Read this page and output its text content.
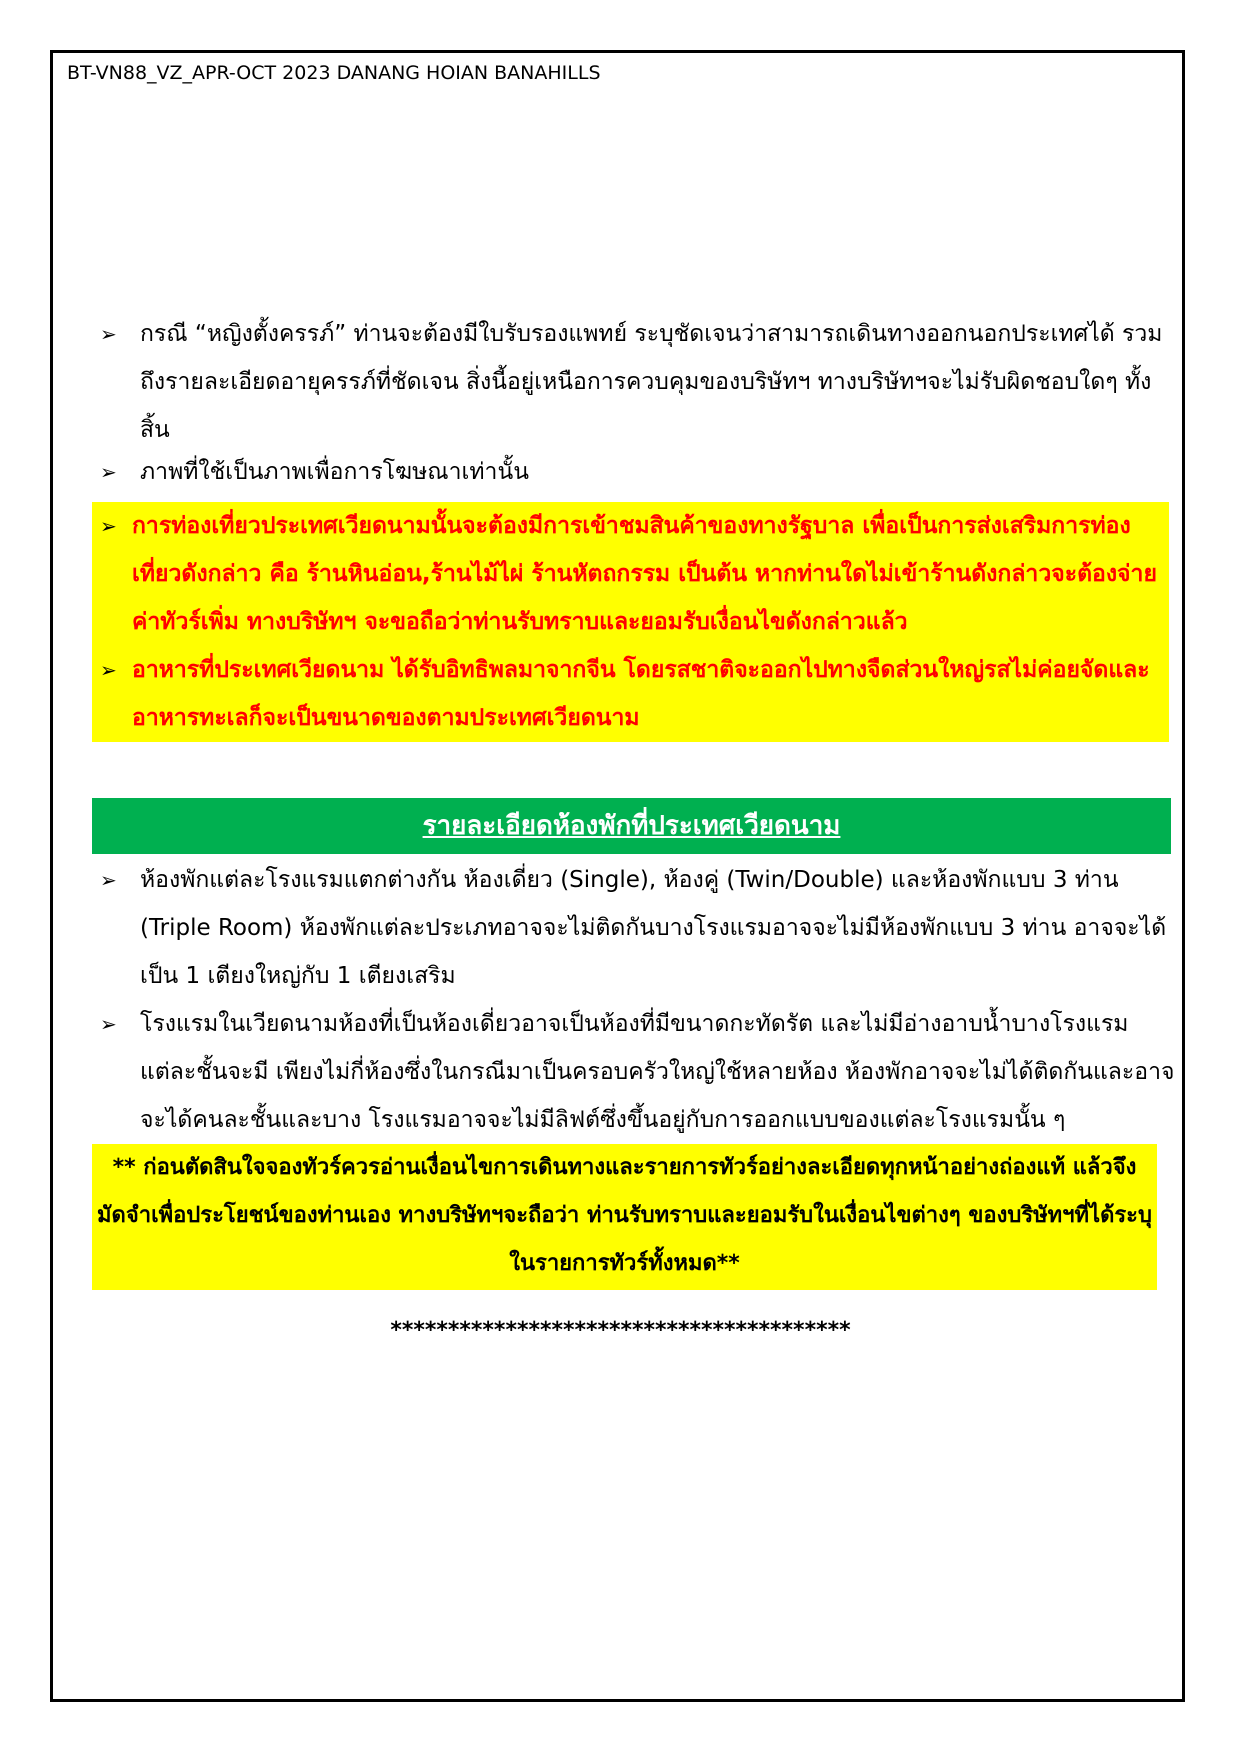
BT-VN88_VZ_APR-OCT 2023 DANANG HOIAN BANAHILLS
➢	กรณี “หญิงตั้งครรภ์” ท่านจะต้องมีใบรับรองแพทย์ ระบุชัดเจนว่าสามารถเดินทางออกนอกประเทศได้ รวมถึงรายละเอียดอายุครรภ์ที่ชัดเจน สิ่งนี้อยู่เหนือการควบคุมของบริษัทฯ ทางบริษัทฯจะไม่รับผิดชอบใดๆ ทั้งสิ้น
➢	ภาพที่ใช้เป็นภาพเพื่อการโฆษณาเท่านั้น
➢ การท่องเที่ยวประเทศเวียดนามนั้นจะต้องมีการเข้าชมสินค้าของทางรัฐบาล เพื่อเป็นการส่งเสริมการท่องเที่ยวดังกล่าว คือ ร้านหินอ่อน,ร้านไม้ไผ่ ร้านหัตถกรรม เป็นต้น หากท่านใดไม่เข้าร้านดังกล่าวจะต้องจ่ายค่าทัวร์เพิ่ม ทางบริษัทฯ จะขอถือว่าท่านรับทราบและยอมรับเงื่อนไขดังกล่าวแล้ว
➢ อาหารที่ประเทศเวียดนาม ได้รับอิทธิพลมาจากจีน โดยรสชาติจะออกไปทางจืดส่วนใหญ่รสไม่ค่อยจัดและอาหารทะเลก็จะเป็นขนาดของตามประเทศเวียดนาม
รายละเอียดห้องพักที่ประเทศเวียดนาม
➢	ห้องพักแต่ละโรงแรมแตกต่างกัน ห้องเดี่ยว (Single), ห้องคู่ (Twin/Double) และห้องพักแบบ 3 ท่าน (Triple Room) ห้องพักแต่ละประเภทอาจจะไม่ติดกันบางโรงแรมอาจจะไม่มีห้องพักแบบ 3 ท่าน อาจจะได้เป็น 1 เตียงใหญ่กับ 1 เตียงเสริม
➢	โรงแรมในเวียดนามห้องที่เป็นห้องเดี่ยวอาจเป็นห้องที่มีขนาดกะทัดรัต และไม่มีอ่างอาบน้ำบางโรงแรมแต่ละชั้นจะมี เพียงไม่กี่ห้องซึ่งในกรณีมาเป็นครอบครัวใหญ่ใช้หลายห้อง ห้องพักอาจจะไม่ได้ติดกันและอาจจะได้คนละชั้นและบาง โรงแรมอาจจะไม่มีลิฟต์ซึ่งขึ้นอยู่กับการออกแบบของแต่ละโรงแรมนั้น ๆ
** ก่อนตัดสินใจจองทัวร์ควรอ่านเงื่อนไขการเดินทางและรายการทัวร์อย่างละเอียดทุกหน้าอย่างถ่องแท้ แล้วจึงมัดจำเพื่อประโยชน์ของท่านเอง ทางบริษัทฯจะถือว่า ท่านรับทราบและยอมรับในเงื่อนไขต่างๆ ของบริษัทฯที่ได้ระบุในรายการทัวร์ทั้งหมด**
****************************************
